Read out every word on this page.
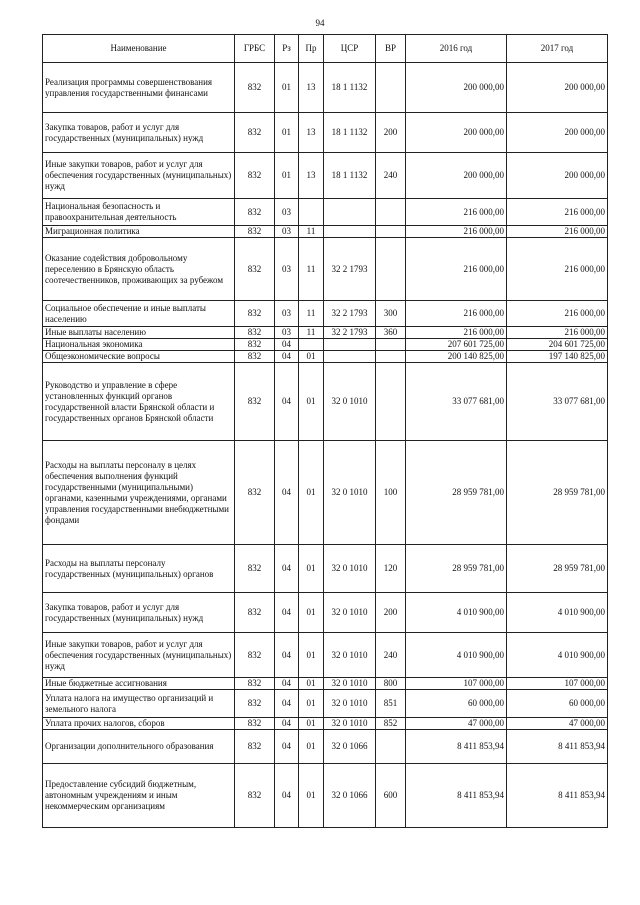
94
Наименование	ГРБС	Рз	Пр	ЦСР	ВР	2016 год	2017 год
Реализация программы совершенствования управления государственными финансами	832	01	13	18 1 1132		200 000,00	200 000,00
Закупка товаров, работ и услуг для государственных (муниципальных) нужд	832	01	13	18 1 1132	200	200 000,00	200 000,00
Иные закупки товаров, работ и услуг для обеспечения государственных (муниципальных) нужд	832	01	13	18 1 1132	240	200 000,00	200 000,00
Национальная безопасность и правоохранительная деятельность	832	03				216 000,00	216 000,00
Миграционная политика	832	03	11			216 000,00	216 000,00
Оказание содействия добровольному переселению в Брянскую область соотечественников, проживающих за рубежом	832	03	11	32 2 1793		216 000,00	216 000,00
Социальное обеспечение и иные выплаты населению	832	03	11	32 2 1793	300	216 000,00	216 000,00
Иные выплаты населению	832	03	11	32 2 1793	360	216 000,00	216 000,00
Национальная экономика	832	04				207 601 725,00	204 601 725,00
Общеэкономические вопросы	832	04	01			200 140 825,00	197 140 825,00
Руководство и управление в сфере установленных функций органов государственной власти Брянской области и государственных органов Брянской области	832	04	01	32 0 1010		33 077 681,00	33 077 681,00
Расходы на выплаты персоналу в целях обеспечения выполнения функций государственными (муниципальными) органами, казенными учреждениями, органами управления государственными внебюджетными фондами	832	04	01	32 0 1010	100	28 959 781,00	28 959 781,00
Расходы на выплаты персоналу государственных (муниципальных) органов	832	04	01	32 0 1010	120	28 959 781,00	28 959 781,00
Закупка товаров, работ и услуг для государственных (муниципальных) нужд	832	04	01	32 0 1010	200	4 010 900,00	4 010 900,00
Иные закупки товаров, работ и услуг для обеспечения государственных (муниципальных) нужд	832	04	01	32 0 1010	240	4 010 900,00	4 010 900,00
Иные бюджетные ассигнования	832	04	01	32 0 1010	800	107 000,00	107 000,00
Уплата налога на имущество организаций и земельного налога	832	04	01	32 0 1010	851	60 000,00	60 000,00
Уплата прочих налогов, сборов	832	04	01	32 0 1010	852	47 000,00	47 000,00
Организации дополнительного образования	832	04	01	32 0 1066		8 411 853,94	8 411 853,94
Предоставление субсидий бюджетным, автономным учреждениям и иным некоммерческим организациям	832	04	01	32 0 1066	600	8 411 853,94	8 411 853,94
